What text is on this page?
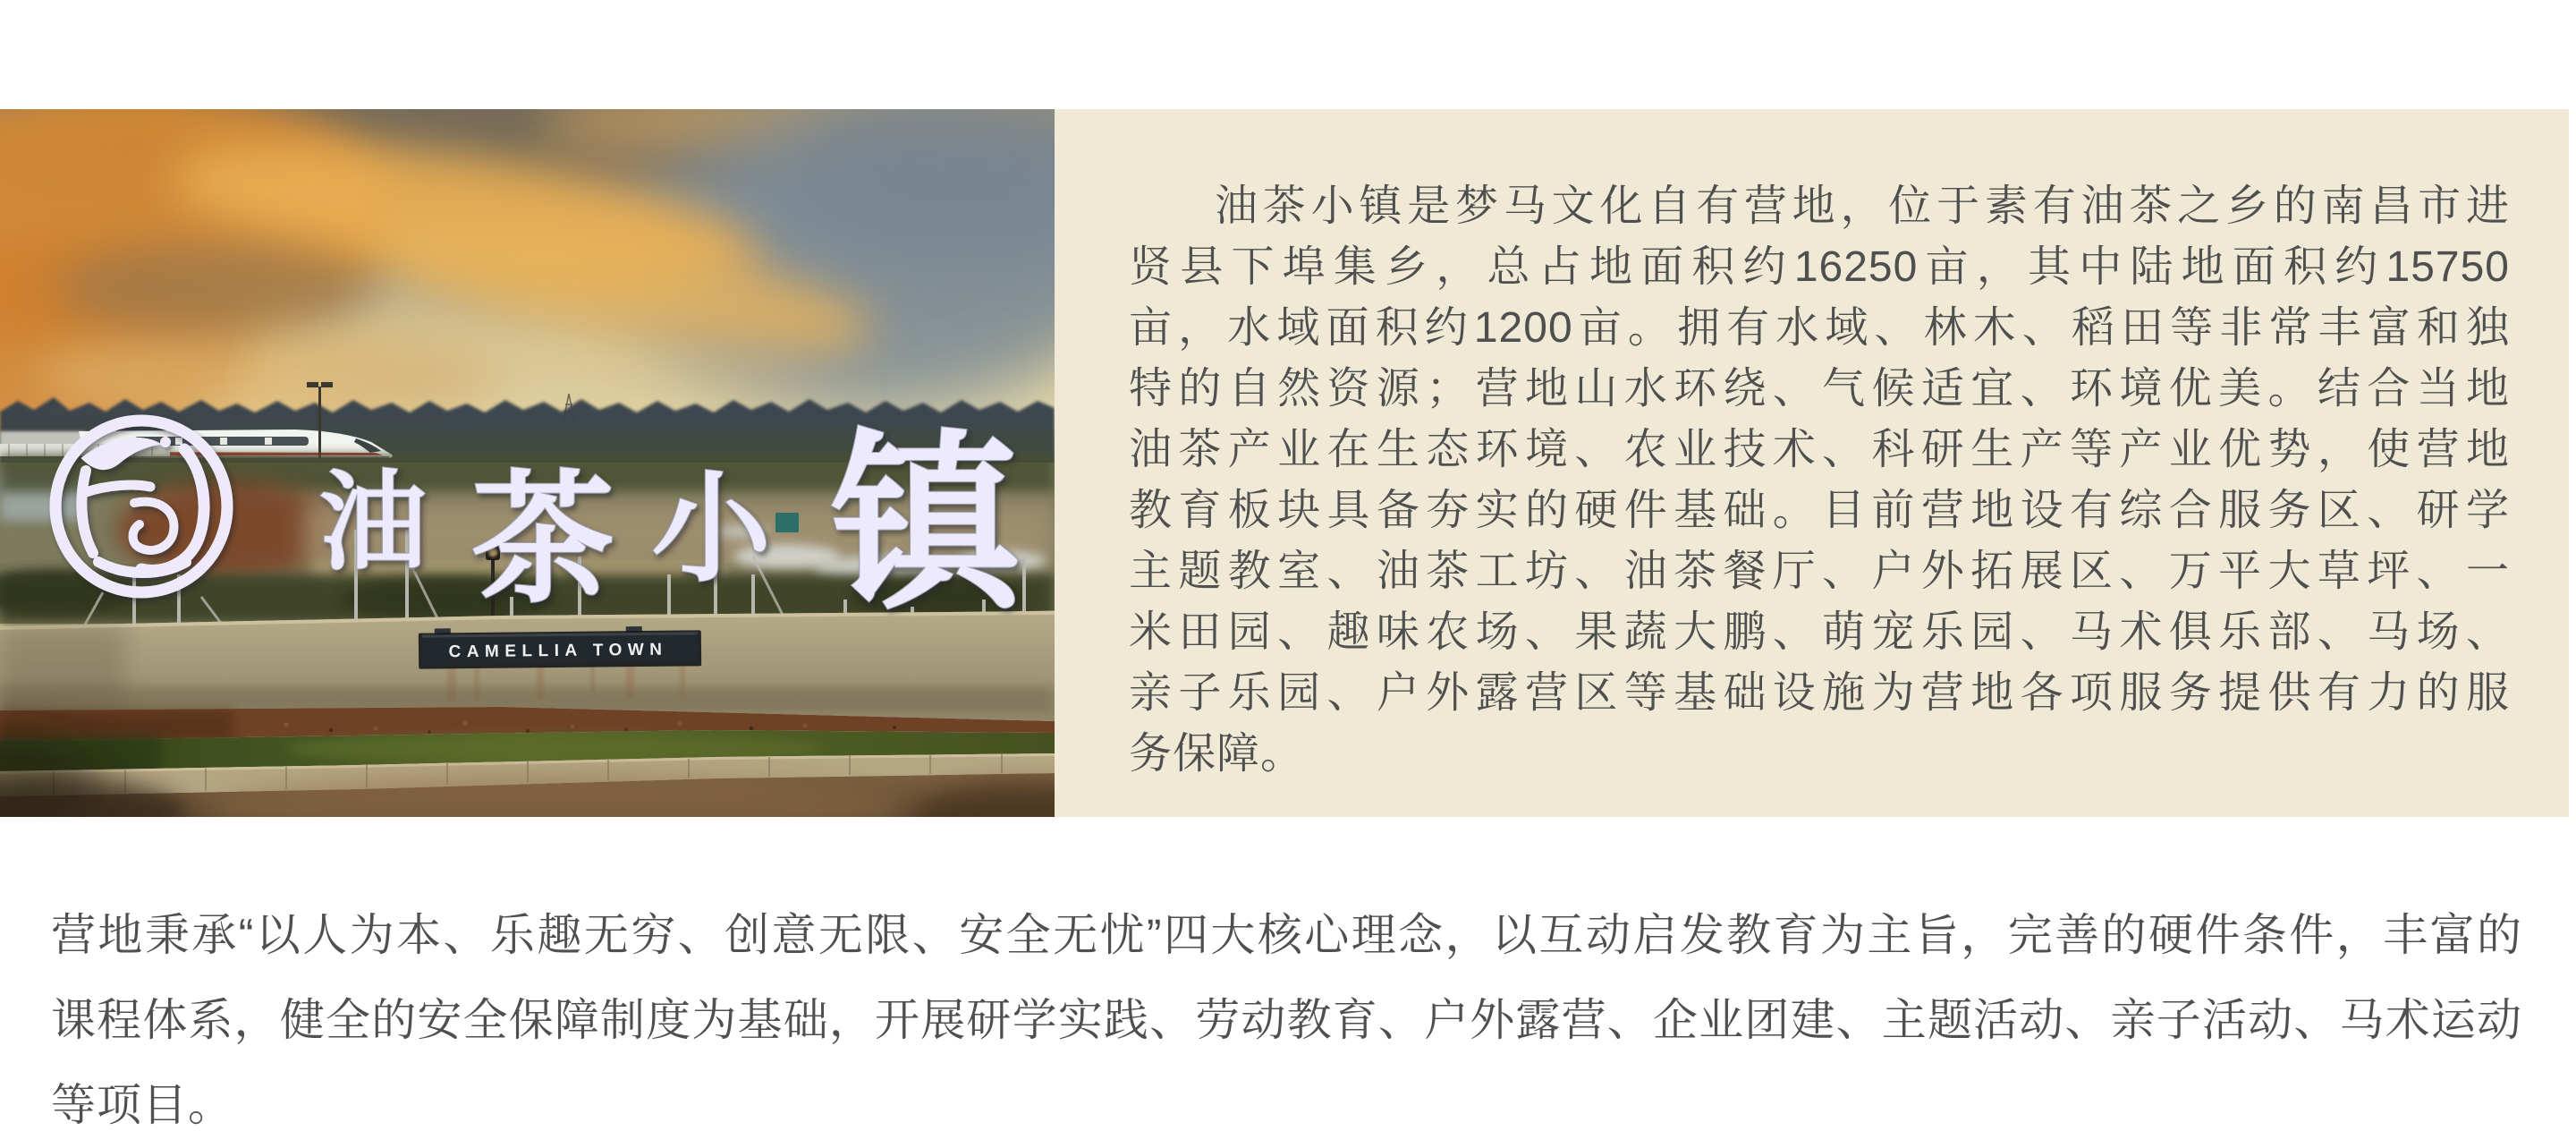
CAMELLIA TOWN
油 茶 小 镇
油茶小镇是梦马文化自有营地，位于素有油茶之乡的南昌市进
贤县下埠集乡，总占地面积约16250亩，其中陆地面积约15750
亩，水域面积约1200亩。拥有水域、林木、稻田等非常丰富和独
特的自然资源；营地山水环绕、气候适宜、环境优美。结合当地
油茶产业在生态环境、农业技术、科研生产等产业优势，使营地
教育板块具备夯实的硬件基础。目前营地设有综合服务区、研学
主题教室、油茶工坊、油茶餐厅、户外拓展区、万平大草坪、一
米田园、趣味农场、果蔬大鹏、萌宠乐园、马术俱乐部、马场、
亲子乐园、户外露营区等基础设施为营地各项服务提供有力的服
务保障。
营地秉承“以人为本、乐趣无穷、创意无限、安全无忧”四大核心理念，以互动启发教育为主旨，完善的硬件条件，丰富的
课程体系，健全的安全保障制度为基础，开展研学实践、劳动教育、户外露营、企业团建、主题活动、亲子活动、马术运动
等项目。
